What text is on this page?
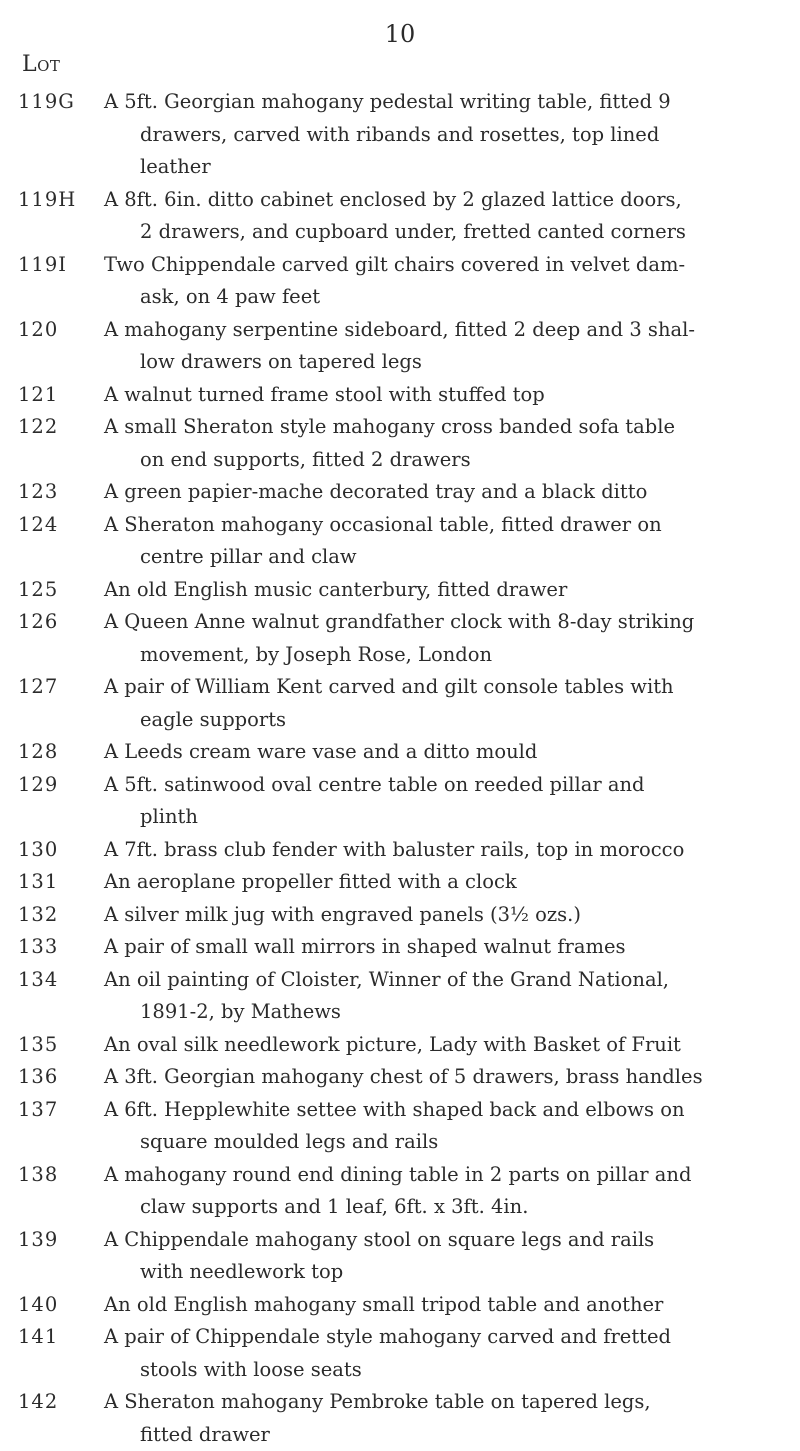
10
Lot
119G	A 5ft. Georgian mahogany pedestal writing table, fitted 9
drawers, carved with ribands and rosettes, top lined
leather
119H	A 8ft. 6in. ditto cabinet enclosed by 2 glazed lattice doors,
2 drawers, and cupboard under, fretted canted corners
119I	Two Chippendale carved gilt chairs covered in velvet dam-
ask, on 4 paw feet
120	A mahogany serpentine sideboard, fitted 2 deep and 3 shal-
low drawers on tapered legs
121	A walnut turned frame stool with stuffed top
122	A small Sheraton style mahogany cross banded sofa table
on end supports, fitted 2 drawers
123	A green papier-mache decorated tray and a black ditto
124	A Sheraton mahogany occasional table, fitted drawer on
centre pillar and claw
125	An old English music canterbury, fitted drawer
126	A Queen Anne walnut grandfather clock with 8-day striking
movement, by Joseph Rose, London
127	A pair of William Kent carved and gilt console tables with
eagle supports
128	A Leeds cream ware vase and a ditto mould
129	A 5ft. satinwood oval centre table on reeded pillar and
plinth
130	A 7ft. brass club fender with baluster rails, top in morocco
131	An aeroplane propeller fitted with a clock
132	A silver milk jug with engraved panels (3½ ozs.)
133	A pair of small wall mirrors in shaped walnut frames
134	An oil painting of Cloister, Winner of the Grand National,
1891-2, by Mathews
135	An oval silk needlework picture, Lady with Basket of Fruit
136	A 3ft. Georgian mahogany chest of 5 drawers, brass handles
137	A 6ft. Hepplewhite settee with shaped back and elbows on
square moulded legs and rails
138	A mahogany round end dining table in 2 parts on pillar and
claw supports and 1 leaf, 6ft. x 3ft. 4in.
139	A Chippendale mahogany stool on square legs and rails
with needlework top
140	An old English mahogany small tripod table and another
141	A pair of Chippendale style mahogany carved and fretted
stools with loose seats
142	A Sheraton mahogany Pembroke table on tapered legs,
fitted drawer
